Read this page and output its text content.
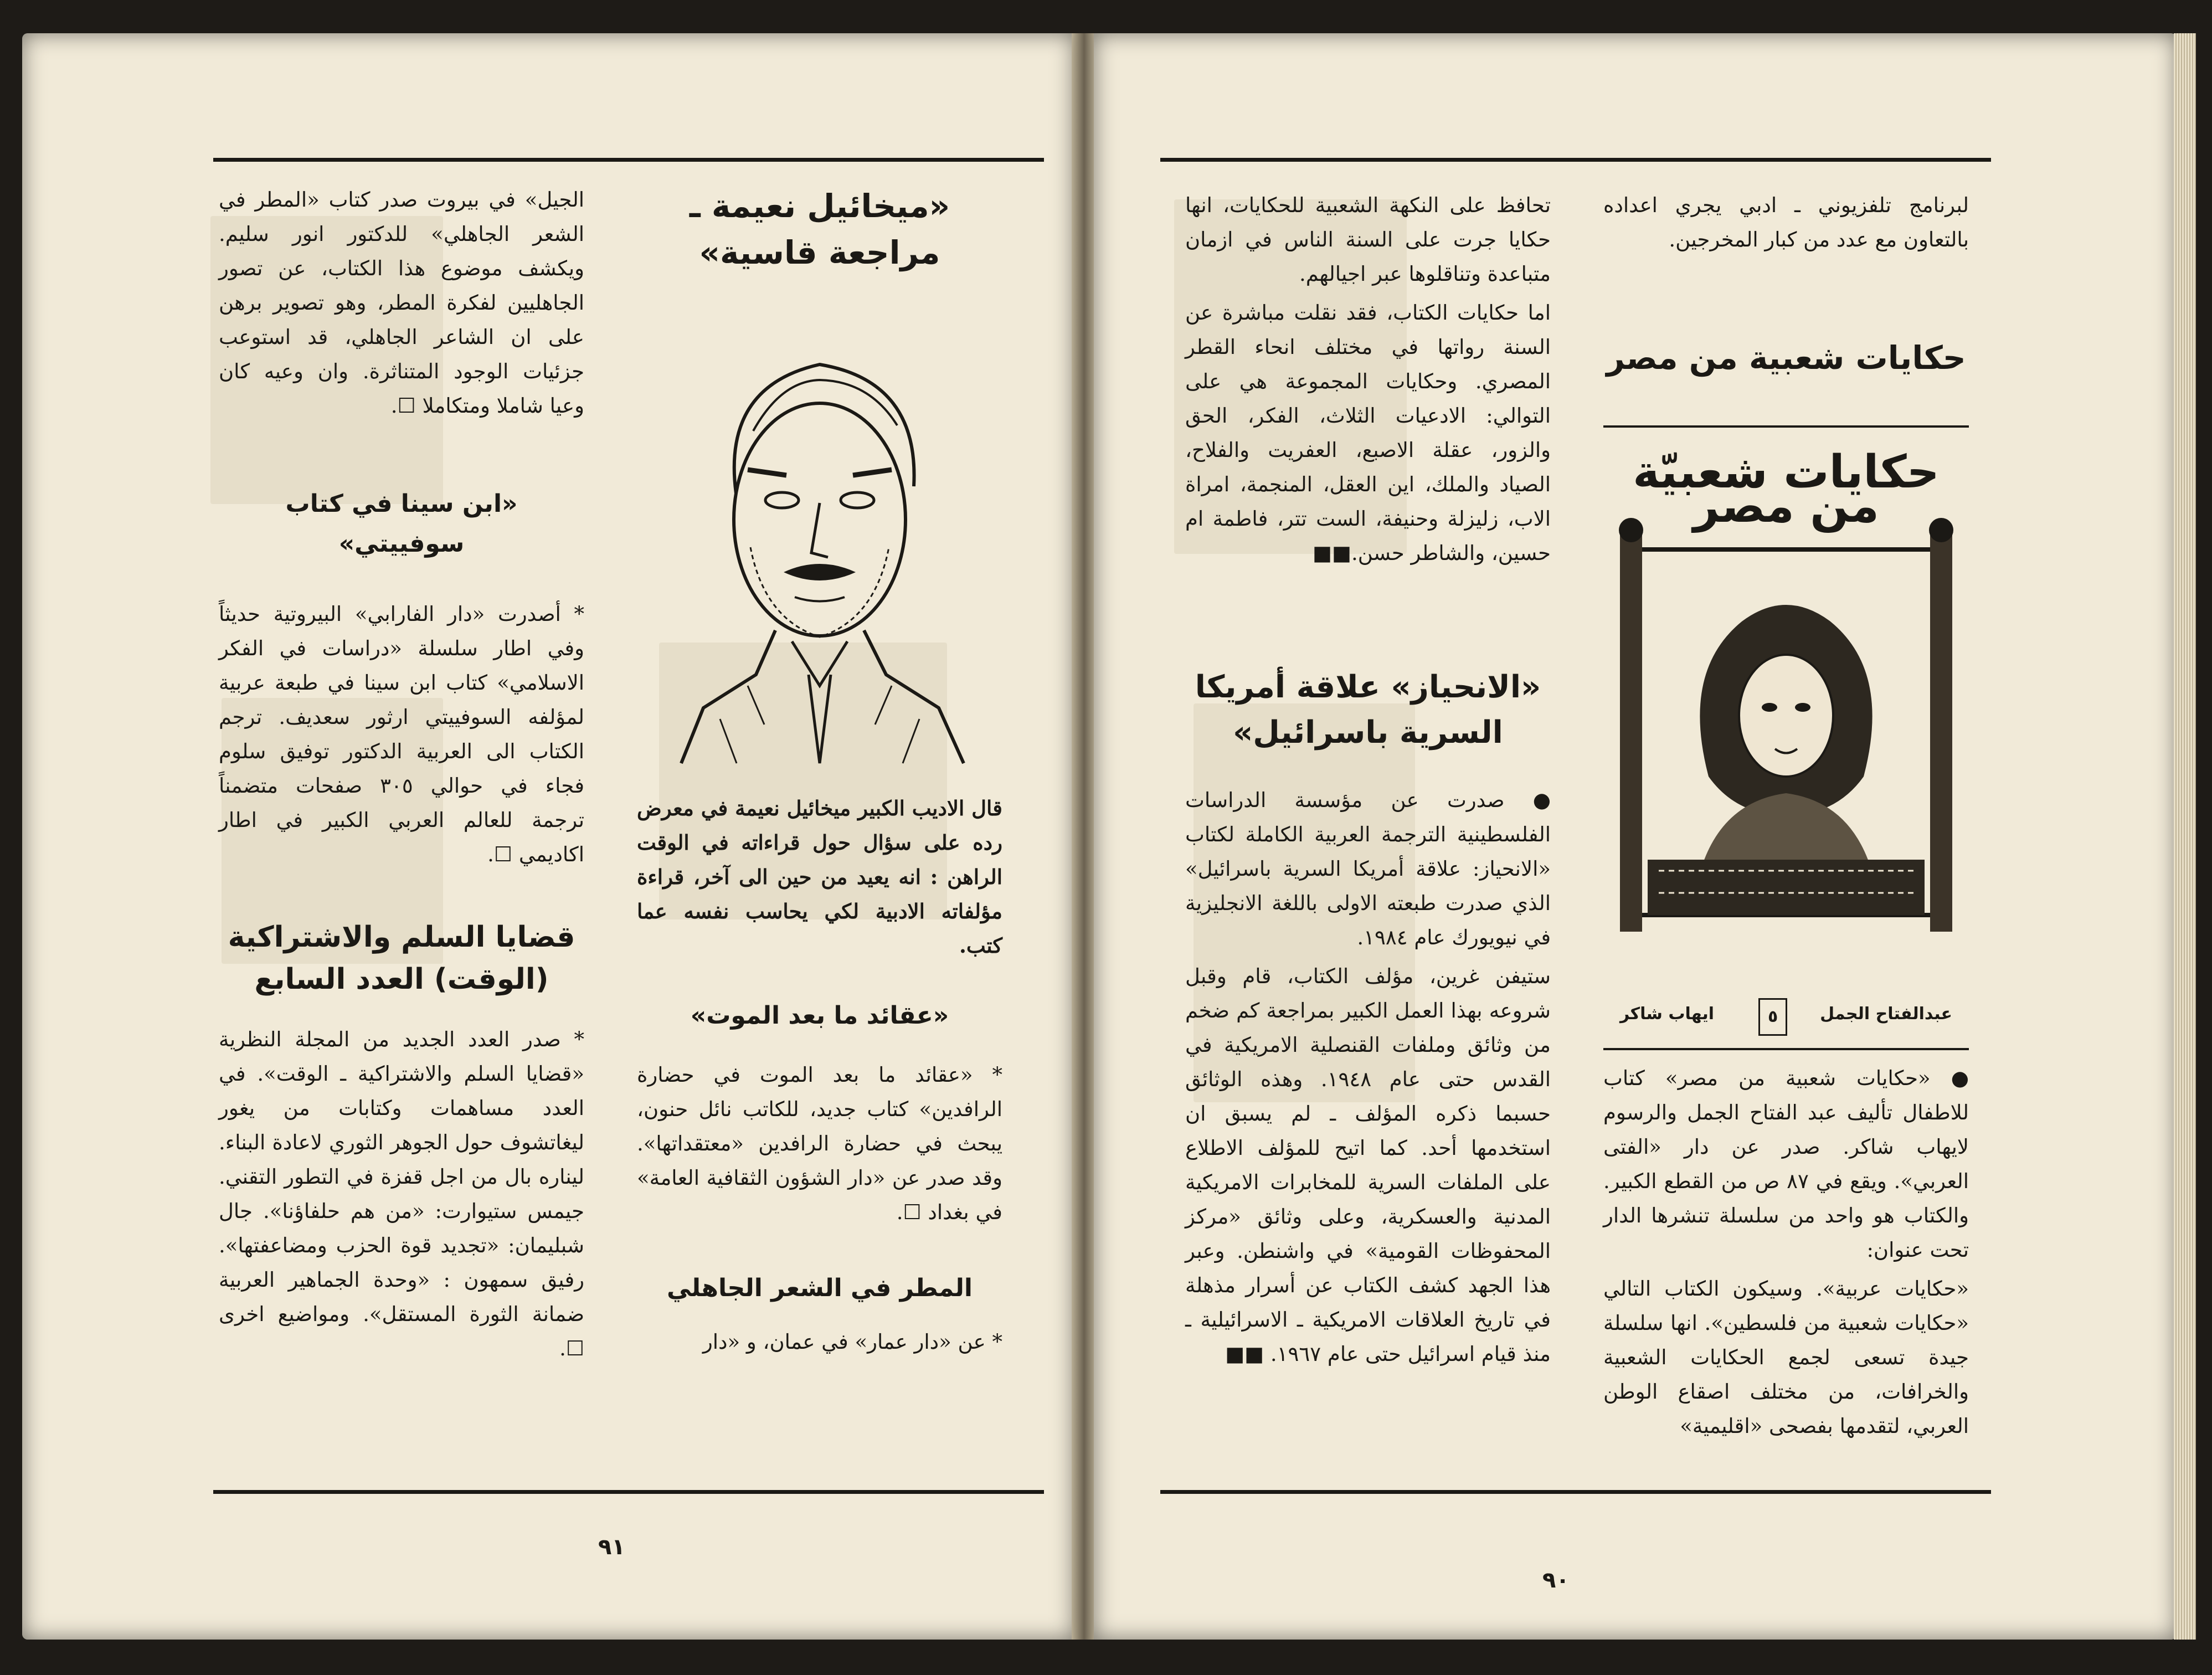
«ميخائيل نعيمة ـ مراجعة قاسية»

قال الاديب الكبير ميخائيل نعيمة في معرض رده على سؤال حول قراءاته في الوقت الراهن : انه يعيد من حين الى آخر، قراءة مؤلفاته الادبية لكي يحاسب نفسه عما كتب.

«عقائد ما بعد الموت»

* «عقائد ما بعد الموت في حضارة الرافدين» كتاب جديد، للكاتب نائل حنون، يبحث في حضارة الرافدين «معتقداتها». وقد صدر عن «دار الشؤون الثقافية العامة» في بغداد ☐.

المطر في الشعر الجاهلي

* عن «دار عمار» في عمان، و «دار

الجيل» في بيروت صدر كتاب «المطر في الشعر الجاهلي» للدكتور انور سليم. ويكشف موضوع هذا الكتاب، عن تصور الجاهليين لفكرة المطر، وهو تصوير برهن على ان الشاعر الجاهلي، قد استوعب جزئيات الوجود المتناثرة. وان وعيه كان وعيا شاملا ومتكاملا ☐.

«ابن سينا في كتاب سوفييتي»

* أصدرت «دار الفارابي» البيروتية حديثاً وفي اطار سلسلة «دراسات في الفكر الاسلامي» كتاب ابن سينا في طبعة عربية لمؤلفه السوفييتي ارثور سعديف. ترجم الكتاب الى العربية الدكتور توفيق سلوم فجاء في حوالي ٣٠٥ صفحات متضمناً ترجمة للعالم العربي الكبير في اطار اكاديمي ☐.

قضايا السلم والاشتراكية (الوقت) العدد السابع

* صدر العدد الجديد من المجلة النظرية «قضايا السلم والاشتراكية ـ الوقت». في العدد مساهمات وكتابات من يغور ليغاتشوف حول الجوهر الثوري لاعادة البناء. ليناره بال من اجل قفزة في التطور التقني. جيمس ستيوارت: «من هم حلفاؤنا». جال شبليمان: «تجديد قوة الحزب ومضاعفتها». رفيق سمهون : «وحدة الجماهير العربية ضمانة الثورة المستقل». ومواضيع اخرى ☐.

٩١

لبرنامج تلفزيوني ـ ادبي يجري اعداده بالتعاون مع عدد من كبار المخرجين.

حكايات شعبية من مصر
حكايات شعبيّة من مصر
عبدالفتاح الجمل
ايهاب شاكر	٥

● «حكايات شعبية من مصر» كتاب للاطفال تأليف عبد الفتاح الجمل والرسوم لايهاب شاكر. صدر عن دار «الفتى العربي». ويقع في ٨٧ ص من القطع الكبير. والكتاب هو واحد من سلسلة تنشرها الدار تحت عنوان:

«حكايات عربية». وسيكون الكتاب التالي «حكايات شعبية من فلسطين». انها سلسلة جيدة تسعى لجمع الحكايات الشعبية والخرافات، من مختلف اصقاع الوطن العربي، لتقدمها بفصحى «اقليمية»

تحافظ على النكهة الشعبية للحكايات، انها حكايا جرت على السنة الناس في ازمان متباعدة وتناقلوها عبر اجيالهم.

اما حكايات الكتاب، فقد نقلت مباشرة عن السنة رواتها في مختلف انحاء القطر المصري. وحكايات المجموعة هي على التوالي: الادعيات الثلاث، الفكر، الحق والزور، عقلة الاصبع، العفريت والفلاح، الصياد والملك، اين العقل، المنجمة، امراة الاب، زليزلة وحنيفة، الست تتر، فاطمة ام حسين، والشاطر حسن.■■

«الانحياز» علاقة أمريكا السرية باسرائيل»

● صدرت عن مؤسسة الدراسات الفلسطينية الترجمة العربية الكاملة لكتاب «الانحياز: علاقة أمريكا السرية باسرائيل» الذي صدرت طبعته الاولى باللغة الانجليزية في نيويورك عام ١٩٨٤.

ستيفن غرين، مؤلف الكتاب، قام وقبل شروعه بهذا العمل الكبير بمراجعة كم ضخم من وثائق وملفات القنصلية الامريكية في القدس حتى عام ١٩٤٨. وهذه الوثائق حسبما ذكره المؤلف ـ لم يسبق ان استخدمها أحد. كما اتيح للمؤلف الاطلاع على الملفات السرية للمخابرات الامريكية المدنية والعسكرية، وعلى وثائق «مركز المحفوظات القومية» في واشنطن. وعبر هذا الجهد كشف الكتاب عن أسرار مذهلة في تاريخ العلاقات الامريكية ـ الاسرائيلية ـ منذ قيام اسرائيل حتى عام ١٩٦٧. ■■

٩٠
